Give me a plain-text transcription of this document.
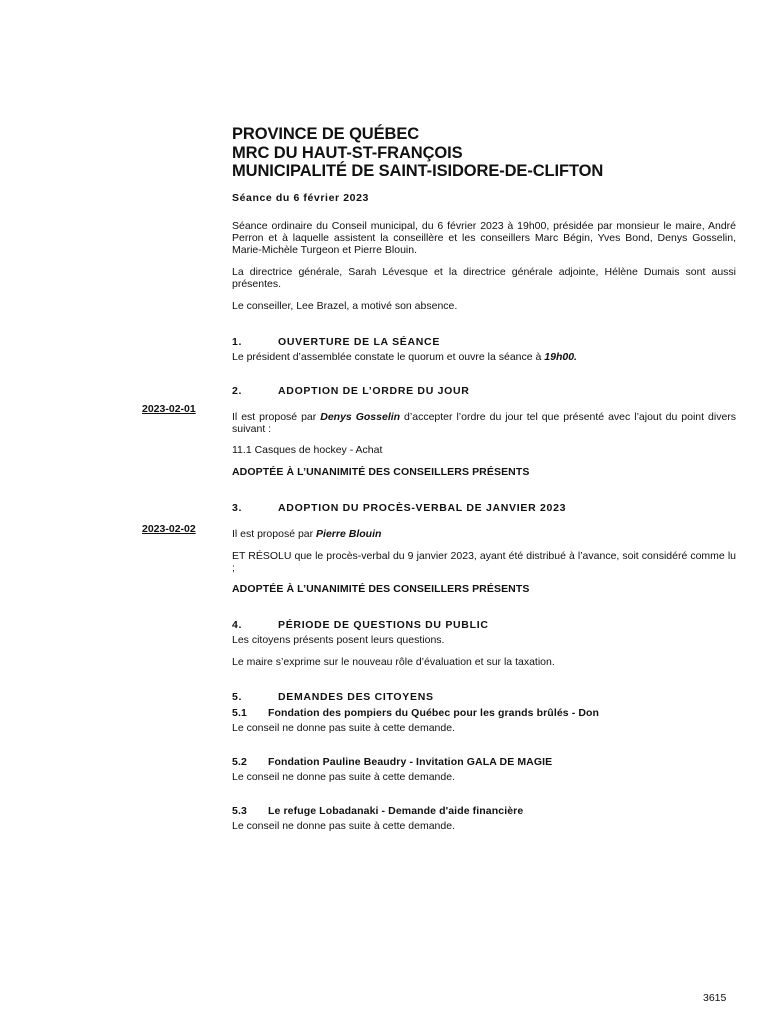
2023-02-01
2023-02-02
PROVINCE DE QUÉBEC
MRC DU HAUT-ST-FRANÇOIS
MUNICIPALITÉ DE SAINT-ISIDORE-DE-CLIFTON
Séance du 6 février 2023

Séance ordinaire du Conseil municipal, du 6 février 2023 à 19h00, présidée par monsieur le maire, André Perron et à laquelle assistent la conseillère et les conseillers Marc Bégin, Yves Bond, Denys Gosselin, Marie-Michèle Turgeon et Pierre Blouin.

La directrice générale, Sarah Lévesque et la directrice générale adjointe, Hélène Dumais sont aussi présentes.

Le conseiller, Lee Brazel, a motivé son absence.

1.	OUVERTURE DE LA SÉANCE

Le président d’assemblée constate le quorum et ouvre la séance à 19h00.

2.	ADOPTION DE L’ORDRE DU JOUR

Il est proposé par Denys Gosselin d’accepter l’ordre du jour tel que présenté avec l’ajout du point divers suivant :

11.1 Casques de hockey - Achat

ADOPTÉE À L’UNANIMITÉ DES CONSEILLERS PRÉSENTS
3.	ADOPTION DU PROCÈS-VERBAL DE JANVIER 2023

Il est proposé par Pierre Blouin

ET RÉSOLU que le procès-verbal du 9 janvier 2023, ayant été distribué à l’avance, soit considéré comme lu ;

ADOPTÉE À L’UNANIMITÉ DES CONSEILLERS PRÉSENTS
4.	PÉRIODE DE QUESTIONS DU PUBLIC

Les citoyens présents posent leurs questions.

Le maire s’exprime sur le nouveau rôle d’évaluation et sur la taxation.

5.	DEMANDES DES CITOYENS
5.1	Fondation des pompiers du Québec pour les grands brûlés - Don

Le conseil ne donne pas suite à cette demande.

5.2	Fondation Pauline Beaudry - Invitation GALA DE MAGIE

Le conseil ne donne pas suite à cette demande.

5.3	Le refuge Lobadanaki - Demande d'aide financière

Le conseil ne donne pas suite à cette demande.

3615
